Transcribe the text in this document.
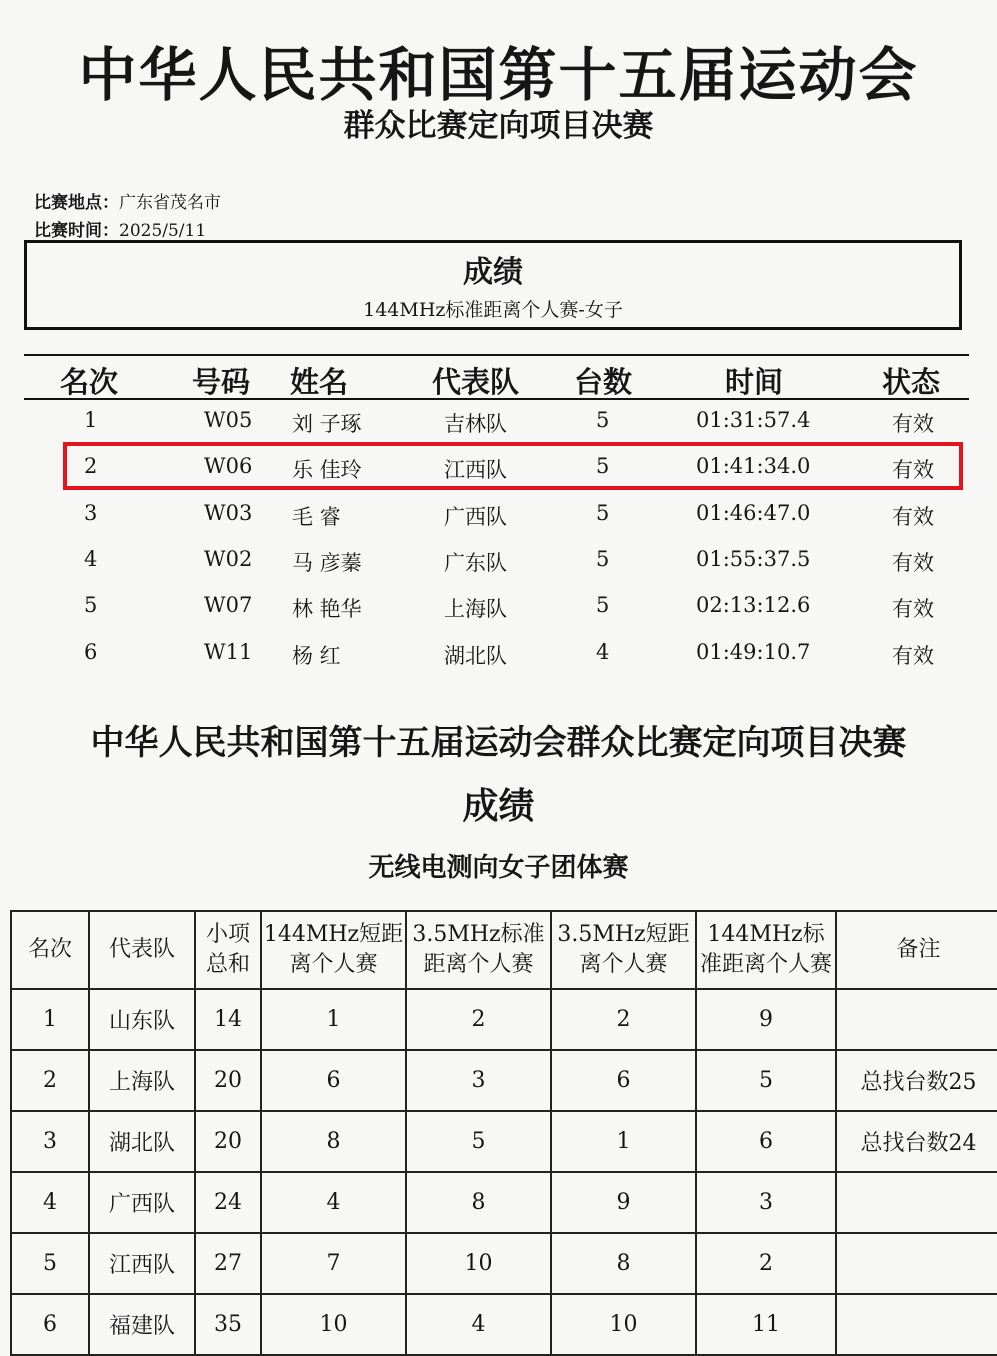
中华人民共和国第十五届运动会
群众比赛定向项目决赛
比赛地点：广东省茂名市
比赛时间：2025/5/11
成绩
144MHz标准距离个人赛-女子
名次	号码 姓名	代表队 台数	时间	状态
1	W05 刘 子琢	吉林队	5	01:31:57.4	有效
2	W06 乐 佳玲	江西队	5	01:41:34.0	有效
3	W03 毛 睿	广西队	5	01:46:47.0	有效
4	W02 马 彦蓁	广东队	5	01:55:37.5	有效
5	W07 林 艳华	上海队	5	02:13:12.6	有效
6	W11 杨 红	湖北队	4	01:49:10.7	有效
中华人民共和国第十五届运动会群众比赛定向项目决赛
成绩
无线电测向女子团体赛
名次	代表队	小项总和	144MHz短距离个人赛	3.5MHz标准距离个人赛	3.5MHz短距离个人赛	144MHz标准距离个人赛	备注
1	山东队	14	1	2	2	9	
2	上海队	20	6	3	6	5	总找台数25
3	湖北队	20	8	5	1	6	总找台数24
4	广西队	24	4	8	9	3	
5	江西队	27	7	10	8	2	
6	福建队	35	10	4	10	11	
